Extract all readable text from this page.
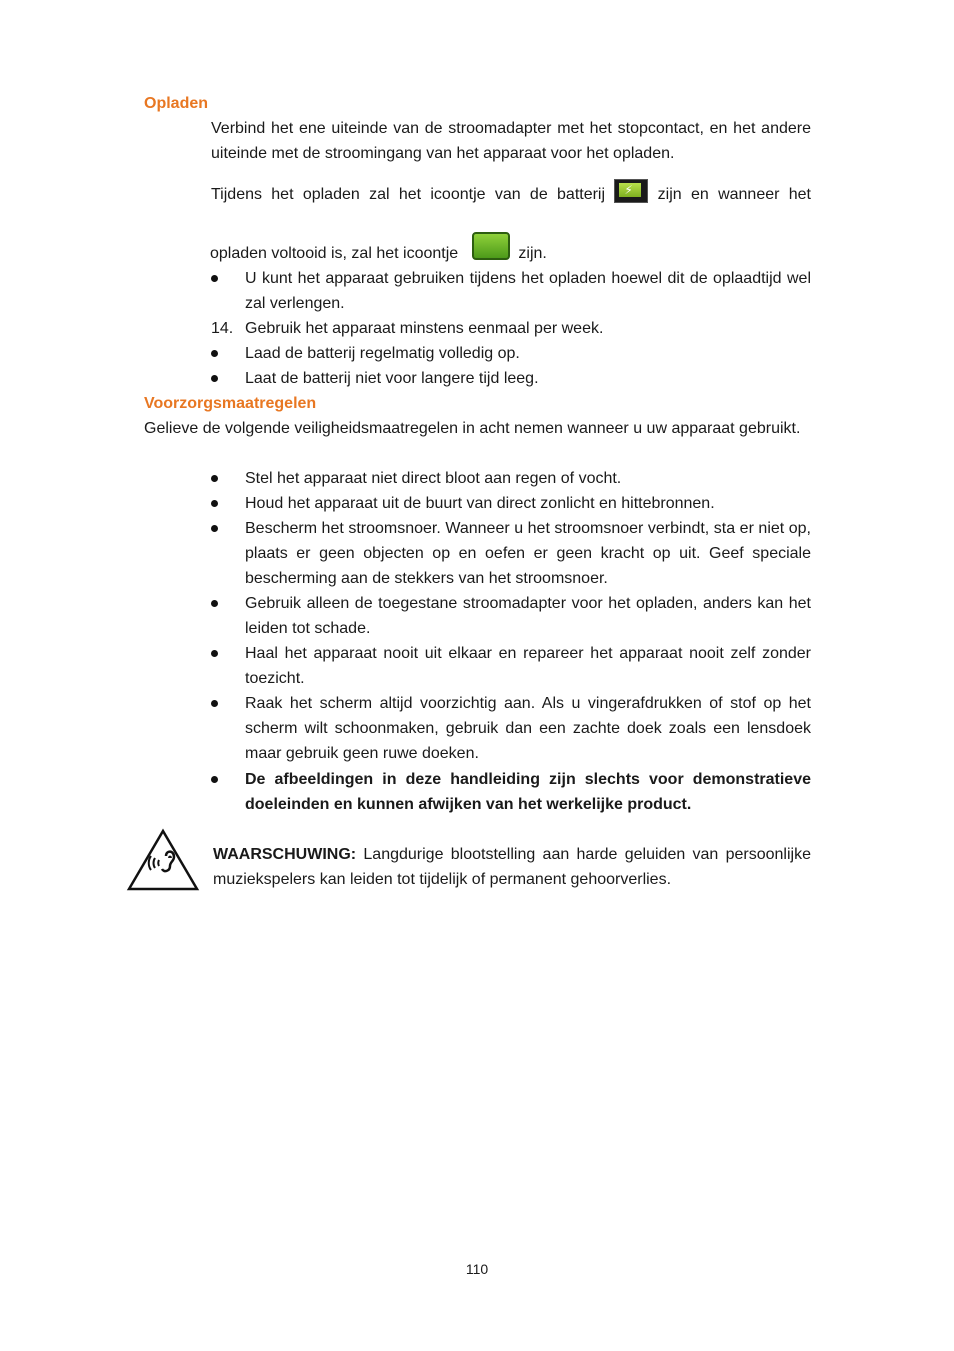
Opladen
Verbind het ene uiteinde van de stroomadapter met het stopcontact, en het andere uiteinde met de stroomingang van het apparaat voor het opladen.
Tijdens het opladen zal het icoontje van de batterij ⚡ zijn en wanneer het
opladen voltooid is, zal het icoontje	zijn.
U kunt het apparaat gebruiken tijdens het opladen hoewel dit de oplaadtijd wel zal verlengen.
14. Gebruik het apparaat minstens eenmaal per week.
Laad de batterij regelmatig volledig op.
Laat de batterij niet voor langere tijd leeg.
Voorzorgsmaatregelen
Gelieve de volgende veiligheidsmaatregelen in acht nemen wanneer u uw apparaat gebruikt.
Stel het apparaat niet direct bloot aan regen of vocht.
Houd het apparaat uit de buurt van direct zonlicht en hittebronnen.
Bescherm het stroomsnoer. Wanneer u het stroomsnoer verbindt, sta er niet op, plaats er geen objecten op en oefen er geen kracht op uit. Geef speciale bescherming aan de stekkers van het stroomsnoer.
Gebruik alleen de toegestane stroomadapter voor het opladen, anders kan het leiden tot schade.
Haal het apparaat nooit uit elkaar en repareer het apparaat nooit zelf zonder toezicht.
Raak het scherm altijd voorzichtig aan. Als u vingerafdrukken of stof op het scherm wilt schoonmaken, gebruik dan een zachte doek zoals een lensdoek maar gebruik geen ruwe doeken.
De afbeeldingen in deze handleiding zijn slechts voor demonstratieve doeleinden en kunnen afwijken van het werkelijke product.
WAARSCHUWING: Langdurige blootstelling aan harde geluiden van persoonlijke muziekspelers kan leiden tot tijdelijk of permanent gehoorverlies.
110
